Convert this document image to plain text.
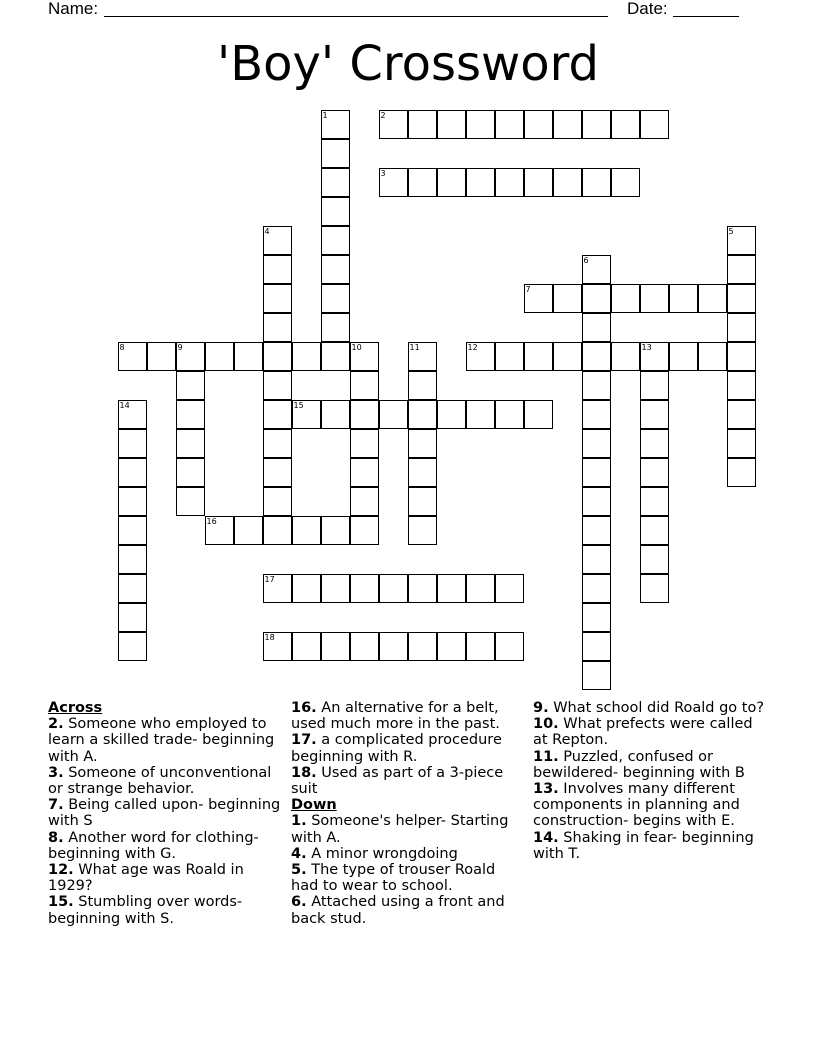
Name:	Date:
'Boy' Crossword
1	2
3
4	5
6
7
8	9	10	11	12	13
14	15
16
17
18
Across
2. Someone who employed to learn a skilled trade- beginning with A.
3. Someone of unconventional or strange behavior.
7. Being called upon- beginning with S
8. Another word for clothing- beginning with G.
12. What age was Roald in 1929?
15. Stumbling over words- beginning with S.
16. An alternative for a belt, used much more in the past.
17. a complicated procedure beginning with R.
18. Used as part of a 3-piece suit
Down
1. Someone's helper- Starting with A.
4. A minor wrongdoing
5. The type of trouser Roald had to wear to school.
6. Attached using a front and back stud.
9. What school did Roald go to?
10. What prefects were called at Repton.
11. Puzzled, confused or bewildered- beginning with B
13. Involves many different components in planning and construction- begins with E.
14. Shaking in fear- beginning with T.
